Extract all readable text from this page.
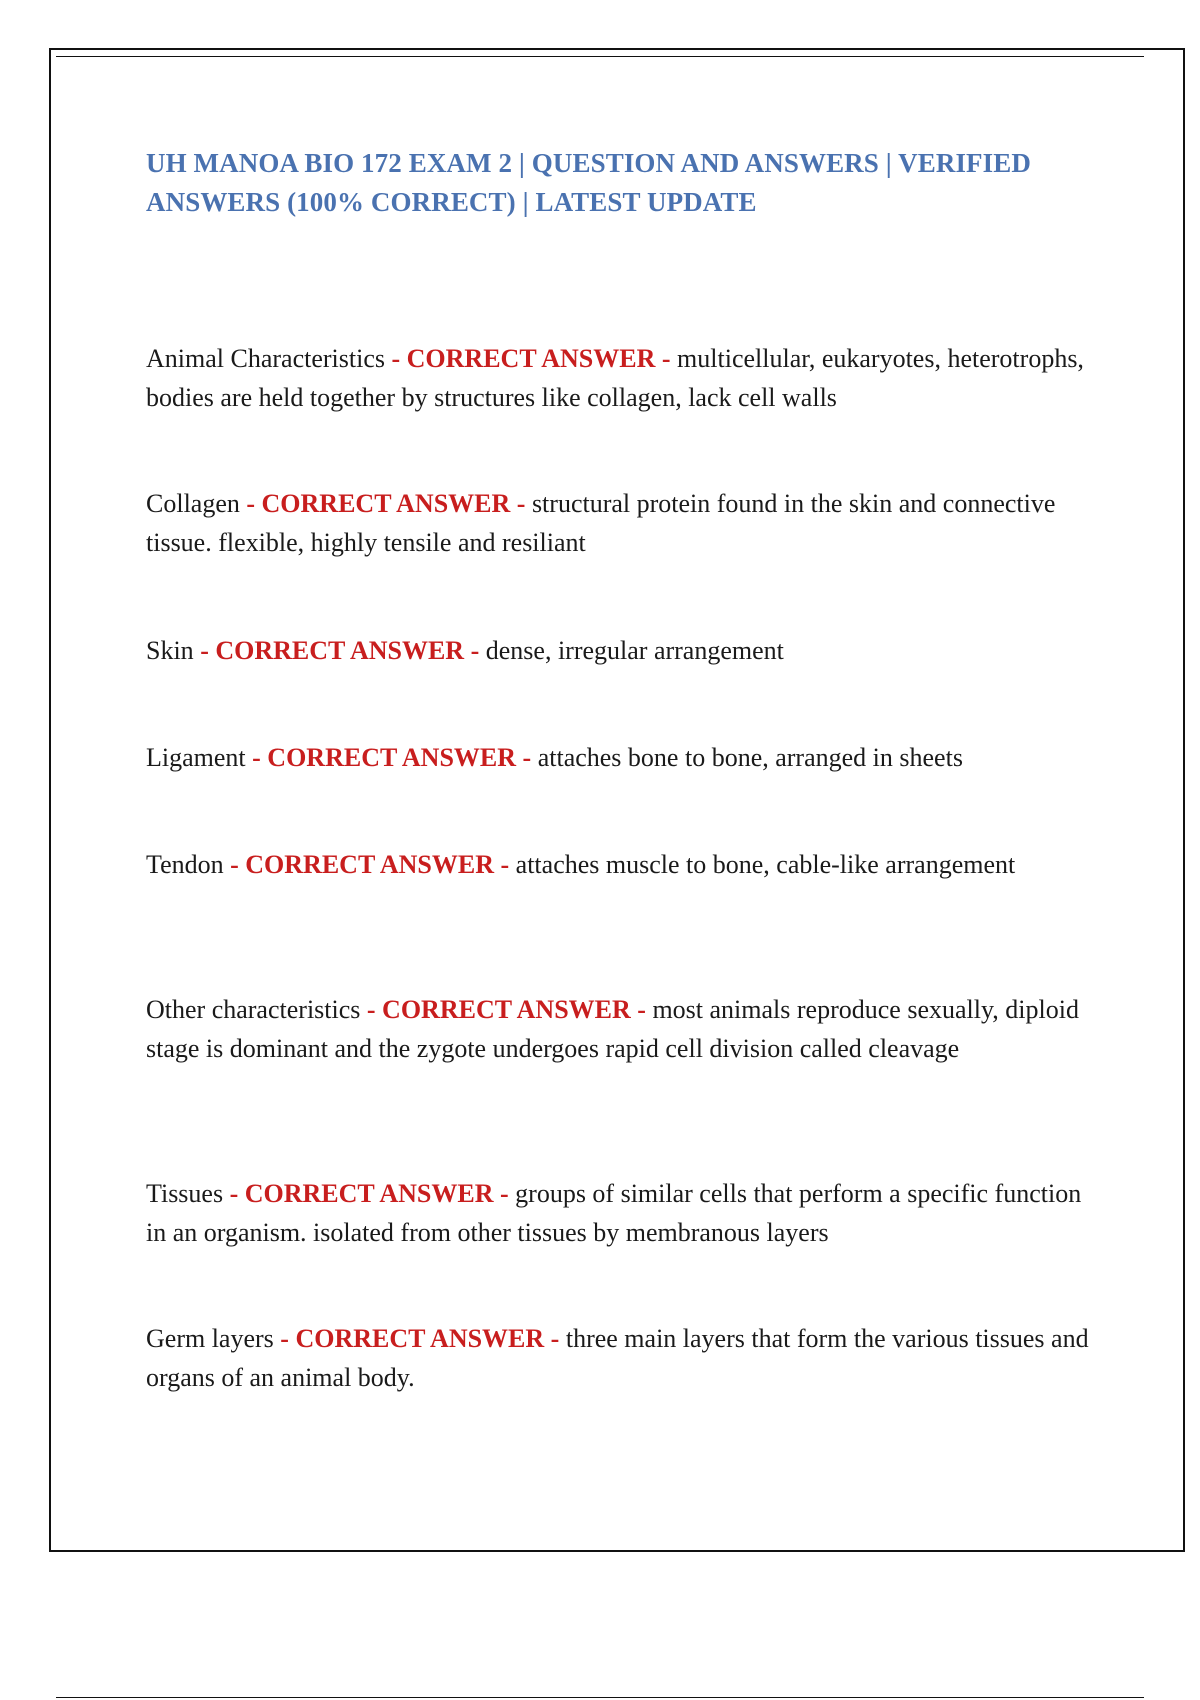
UH MANOA BIO 172 EXAM 2 | QUESTION AND ANSWERS | VERIFIED ANSWERS (100% CORRECT) | LATEST UPDATE

Animal Characteristics - CORRECT ANSWER - multicellular, eukaryotes, heterotrophs, bodies are held together by structures like collagen, lack cell walls

Collagen - CORRECT ANSWER - structural protein found in the skin and connective tissue. flexible, highly tensile and resiliant

Skin - CORRECT ANSWER - dense, irregular arrangement

Ligament - CORRECT ANSWER - attaches bone to bone, arranged in sheets

Tendon - CORRECT ANSWER - attaches muscle to bone, cable-like arrangement

Other characteristics - CORRECT ANSWER - most animals reproduce sexually, diploid stage is dominant and the zygote undergoes rapid cell division called cleavage

Tissues - CORRECT ANSWER - groups of similar cells that perform a specific function in an organism. isolated from other tissues by membranous layers

Germ layers - CORRECT ANSWER - three main layers that form the various tissues and organs of an animal body.
